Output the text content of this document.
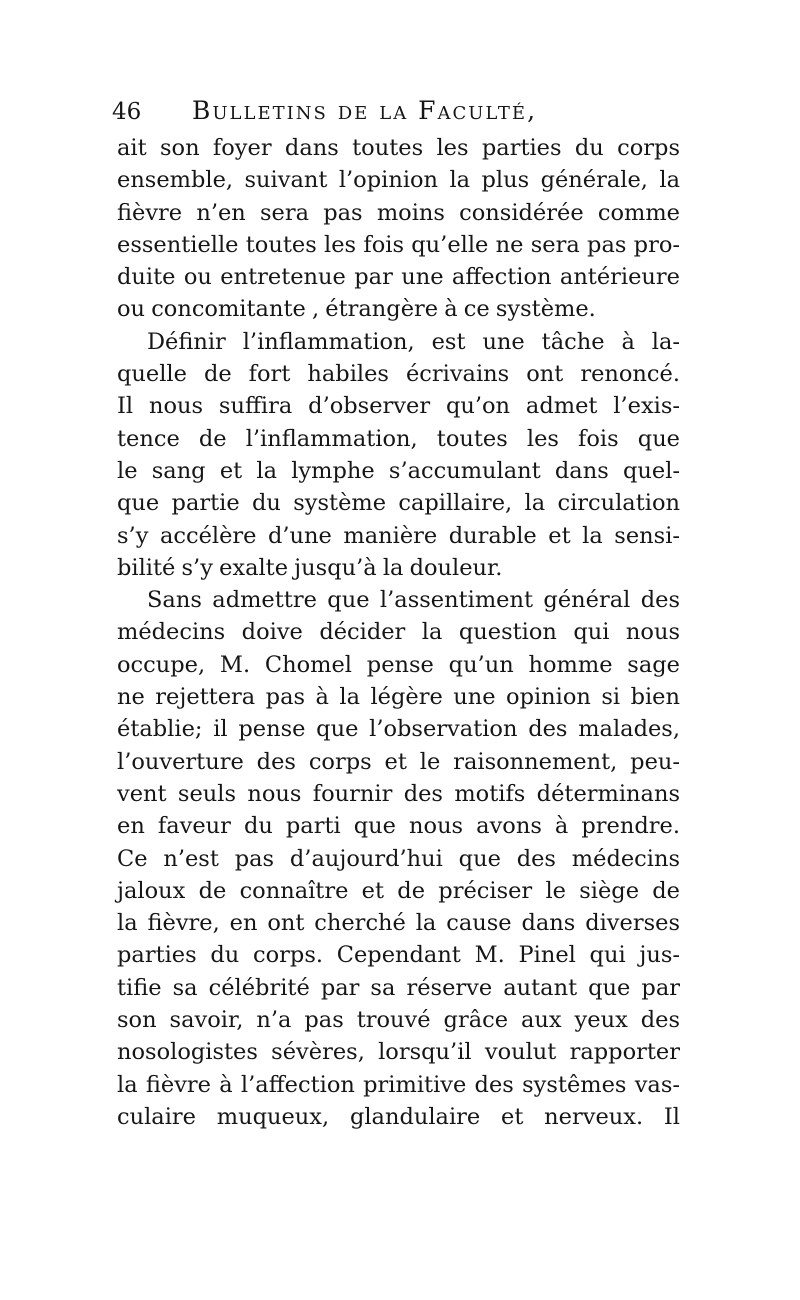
46 Bulletins de la Faculté,
ait son foyer dans toutes les parties du corps
ensemble, suivant l’opinion la plus générale, la
fièvre n’en sera pas moins considérée comme
essentielle toutes les fois qu’elle ne sera pas pro-
duite ou entretenue par une affection antérieure
ou concomitante , étrangère à ce système.
Définir l’inflammation, est une tâche à la-
quelle de fort habiles écrivains ont renoncé.
Il nous suffira d’observer qu’on admet l’exis-
tence de l’inflammation, toutes les fois que
le sang et la lymphe s’accumulant dans quel-
que partie du système capillaire, la circulation
s’y accélère d’une manière durable et la sensi-
bilité s’y exalte jusqu’à la douleur.
Sans admettre que l’assentiment général des
médecins doive décider la question qui nous
occupe, M. Chomel pense qu’un homme sage
ne rejettera pas à la légère une opinion si bien
établie; il pense que l’observation des malades,
l’ouverture des corps et le raisonnement, peu-
vent seuls nous fournir des motifs déterminans
en faveur du parti que nous avons à prendre.
Ce n’est pas d’aujourd’hui que des médecins
jaloux de connaître et de préciser le siège de
la fièvre, en ont cherché la cause dans diverses
parties du corps. Cependant M. Pinel qui jus-
tifie sa célébrité par sa réserve autant que par
son savoir, n’a pas trouvé grâce aux yeux des
nosologistes sévères, lorsqu’il voulut rapporter
la fièvre à l’affection primitive des systêmes vas-
culaire muqueux, glandulaire et nerveux. Il
